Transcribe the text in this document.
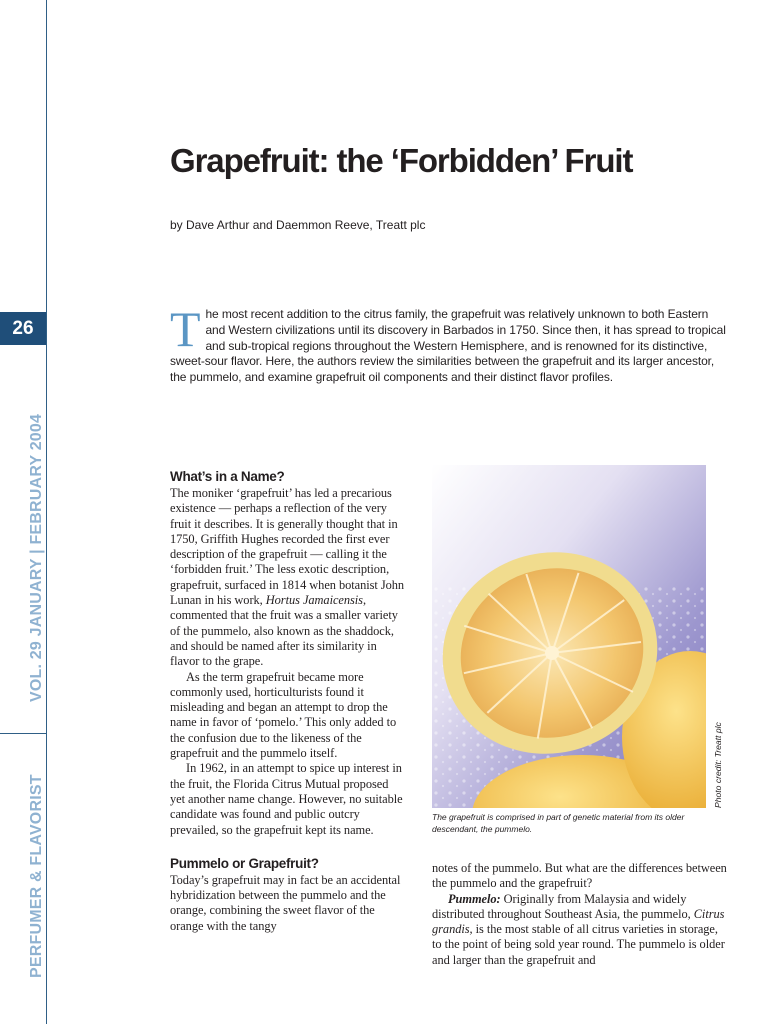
26
VOL. 29 JANUARY | FEBRUARY 2004
PERFUMER & FLAVORIST
Grapefruit: the ‘Forbidden’ Fruit

by Dave Arthur and Daemmon Reeve, Treatt plc

The most recent addition to the citrus family, the grapefruit was relatively unknown to both Eastern and Western civilizations until its discovery in Barbados in 1750. Since then, it has spread to tropical and sub-tropical regions throughout the Western Hemisphere, and is renowned for its distinctive, sweet-sour flavor. Here, the authors review the similarities between the grapefruit and its larger ancestor, the pummelo, and examine grapefruit oil components and their distinct flavor profiles.

What’s in a Name?

The moniker ‘grapefruit’ has led a precarious existence — perhaps a reflection of the very fruit it describes. It is generally thought that in 1750, Griffith Hughes recorded the first ever description of the grapefruit — calling it the ‘forbidden fruit.’ The less exotic description, grapefruit, surfaced in 1814 when botanist John Lunan in his work, Hortus Jamaicensis, commented that the fruit was a smaller variety of the pummelo, also known as the shaddock, and should be named after its similarity in flavor to the grape.

As the term grapefruit became more commonly used, horticulturists found it misleading and began an attempt to drop the name in favor of ‘pomelo.’ This only added to the confusion due to the likeness of the grapefruit and the pummelo itself.

In 1962, in an attempt to spice up interest in the fruit, the Florida Citrus Mutual proposed yet another name change. However, no suitable candidate was found and public outcry prevailed, so the grapefruit kept its name.

Pummelo or Grapefruit?

Today’s grapefruit may in fact be an accidental hybridization between the pummelo and the orange, combining the sweet flavor of the orange with the tangy

Photo credit: Treatt plc

The grapefruit is comprised in part of genetic material from its older descendant, the pummelo.

notes of the pummelo. But what are the differences between the pummelo and the grapefruit?

Pummelo: Originally from Malaysia and widely distributed throughout Southeast Asia, the pummelo, Citrus grandis, is the most stable of all citrus varieties in storage, to the point of being sold year round. The pummelo is older and larger than the grapefruit and
